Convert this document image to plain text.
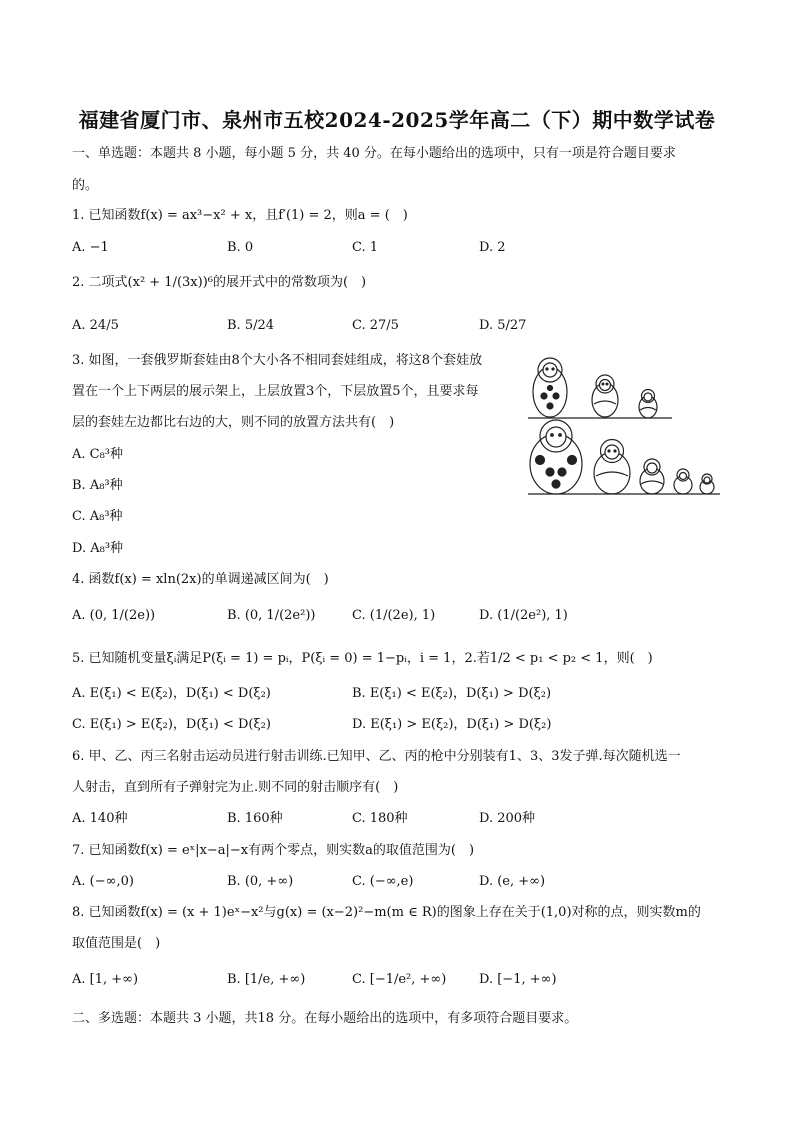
福建省厦门市、泉州市五校2024-2025学年高二（下）期中数学试卷
一、单选题：本题共 8 小题，每小题 5 分，共 40 分。在每小题给出的选项中，只有一项是符合题目要求
的。
1. 已知函数f(x) = ax³−x² + x，且f′(1) = 2，则a = (　)
A. −1	B. 0	C. 1	D. 2
2. 二项式(x² + 1/(3x))⁶的展开式中的常数项为(　)
A. 24/5	B. 5/24	C. 27/5	D. 5/27
3. 如图，一套俄罗斯套娃由8个大小各不相同套娃组成，将这8个套娃放
置在一个上下两层的展示架上，上层放置3个，下层放置5个，且要求每
层的套娃左边都比右边的大，则不同的放置方法共有(　)
A. C₈³种
B. A₈³种
C. A₈³种
D. A₈³种
4. 函数f(x) = xln(2x)的单调递减区间为(　)
A. (0, 1/(2e))	B. (0, 1/(2e²))	C. (1/(2e), 1)	D. (1/(2e²), 1)
5. 已知随机变量ξᵢ满足P(ξᵢ = 1) = pᵢ，P(ξᵢ = 0) = 1−pᵢ，i = 1，2.若1/2 < p₁ < p₂ < 1，则(　)
A. E(ξ₁) < E(ξ₂)，D(ξ₁) < D(ξ₂)	B. E(ξ₁) < E(ξ₂)，D(ξ₁) > D(ξ₂)
C. E(ξ₁) > E(ξ₂)，D(ξ₁) < D(ξ₂)	D. E(ξ₁) > E(ξ₂)，D(ξ₁) > D(ξ₂)
6. 甲、乙、丙三名射击运动员进行射击训练.已知甲、乙、丙的枪中分别装有1、3、3发子弹.每次随机选一
人射击，直到所有子弹射完为止.则不同的射击顺序有(　)
A. 140种	B. 160种	C. 180种	D. 200种
7. 已知函数f(x) = eˣ|x−a|−x有两个零点，则实数a的取值范围为(　)
A. (−∞,0)	B. (0, +∞)	C. (−∞,e)	D. (e, +∞)
8. 已知函数f(x) = (x + 1)eˣ−x²与g(x) = (x−2)²−m(m ∈ R)的图象上存在关于(1,0)对称的点，则实数m的
取值范围是(　)
A. [1, +∞)	B. [1/e, +∞)	C. [−1/e², +∞)	D. [−1, +∞)
二、多选题：本题共 3 小题，共18 分。在每小题给出的选项中，有多项符合题目要求。
